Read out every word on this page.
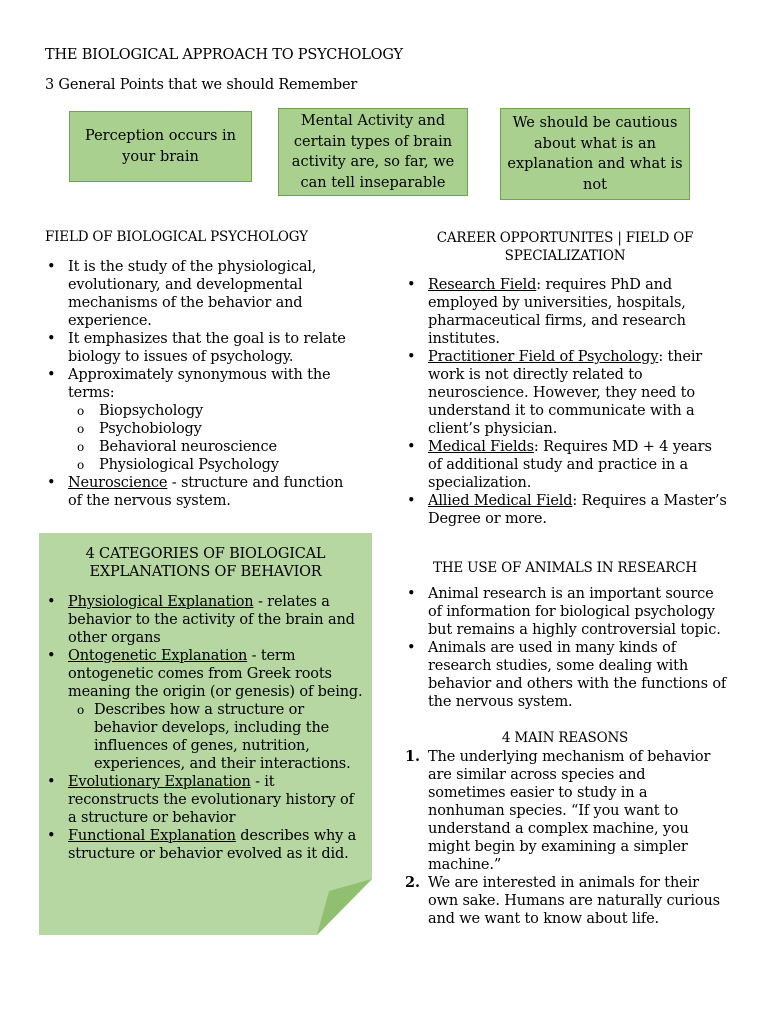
THE BIOLOGICAL APPROACH TO PSYCHOLOGY
3 General Points that we should Remember
Perception occurs in your brain
Mental Activity and certain types of brain activity are, so far, we can tell inseparable
We should be cautious about what is an explanation and what is not
FIELD OF BIOLOGICAL PSYCHOLOGY
• It is the study of the physiological, evolutionary, and developmental mechanisms of the behavior and experience.
• It emphasizes that the goal is to relate biology to issues of psychology.
• Approximately synonymous with the terms:
o Biopsychology
o Psychobiology
o Behavioral neuroscience
o Physiological Psychology
• Neuroscience - structure and function of the nervous system.
4 CATEGORIES OF BIOLOGICAL EXPLANATIONS OF BEHAVIOR
• Physiological Explanation - relates a behavior to the activity of the brain and other organs
• Ontogenetic Explanation - term ontogenetic comes from Greek roots meaning the origin (or genesis) of being.
o Describes how a structure or behavior develops, including the influences of genes, nutrition, experiences, and their interactions.
• Evolutionary Explanation - it reconstructs the evolutionary history of a structure or behavior
• Functional Explanation describes why a structure or behavior evolved as it did.
CAREER OPPORTUNITES | FIELD OF SPECIALIZATION
• Research Field: requires PhD and employed by universities, hospitals, pharmaceutical firms, and research institutes.
• Practitioner Field of Psychology: their work is not directly related to neuroscience. However, they need to understand it to communicate with a client’s physician.
• Medical Fields: Requires MD + 4 years of additional study and practice in a specialization.
• Allied Medical Field: Requires a Master’s Degree or more.
THE USE OF ANIMALS IN RESEARCH
• Animal research is an important source of information for biological psychology but remains a highly controversial topic.
• Animals are used in many kinds of research studies, some dealing with behavior and others with the functions of the nervous system.
4 MAIN REASONS
1. The underlying mechanism of behavior are similar across species and sometimes easier to study in a nonhuman species. “If you want to understand a complex machine, you might begin by examining a simpler machine.”
2. We are interested in animals for their own sake. Humans are naturally curious and we want to know about life.
